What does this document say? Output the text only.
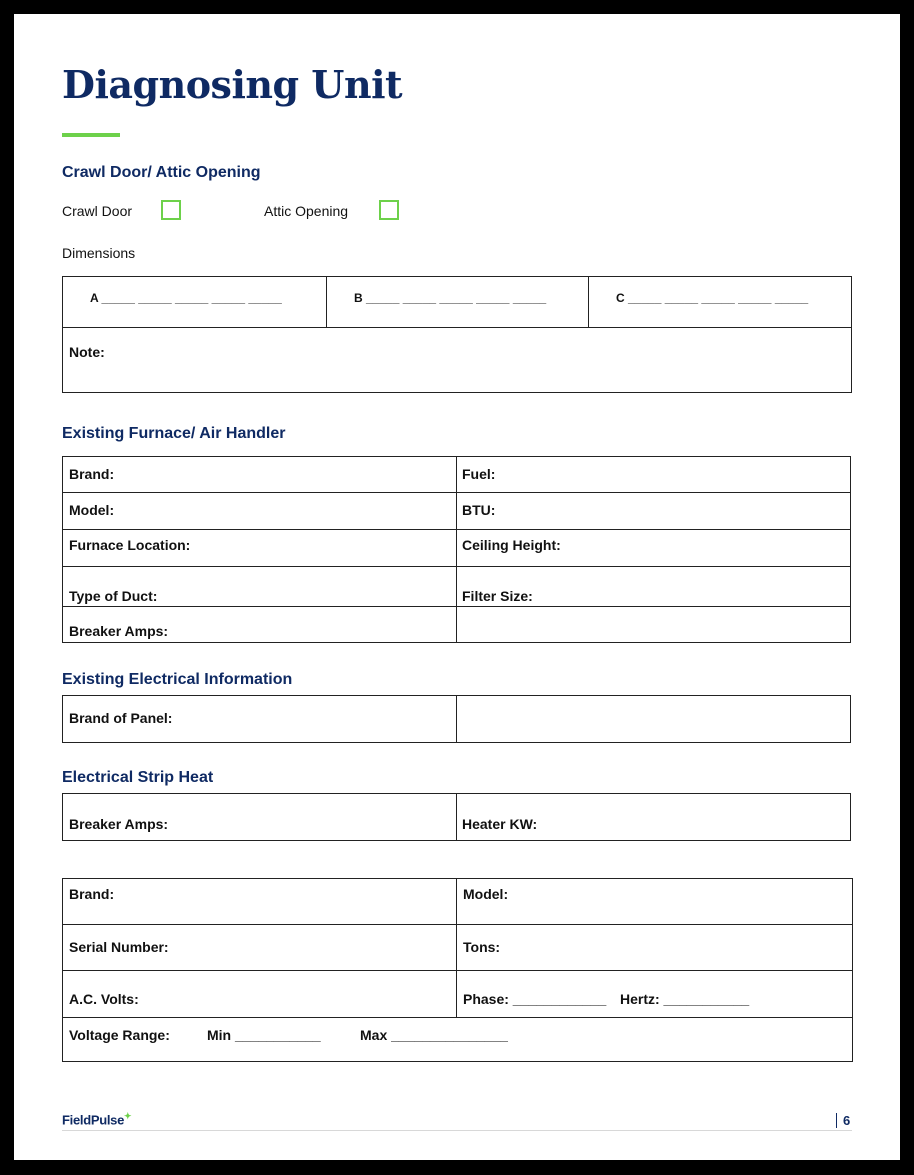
Diagnosing Unit
Crawl Door/ Attic Opening
Crawl Door	Attic Opening
Dimensions
A _____ _____ _____ _____ _____	B _____ _____ _____ _____ _____	C _____ _____ _____ _____ _____
Note:
Existing Furnace/ Air Handler
Brand:	Fuel:
Model:	BTU:
Furnace Location:	Ceiling Height:
Type of Duct:	Filter Size:
Breaker Amps:
Existing Electrical Information
Brand of Panel:
Electrical Strip Heat
Breaker Amps:	Heater KW:
Brand:	Model:
Serial Number:	Tons:
A.C. Volts:	Phase: ____________ Hertz: ___________
Voltage Range:	Min ___________	Max _______________
FieldPulse✦	6
